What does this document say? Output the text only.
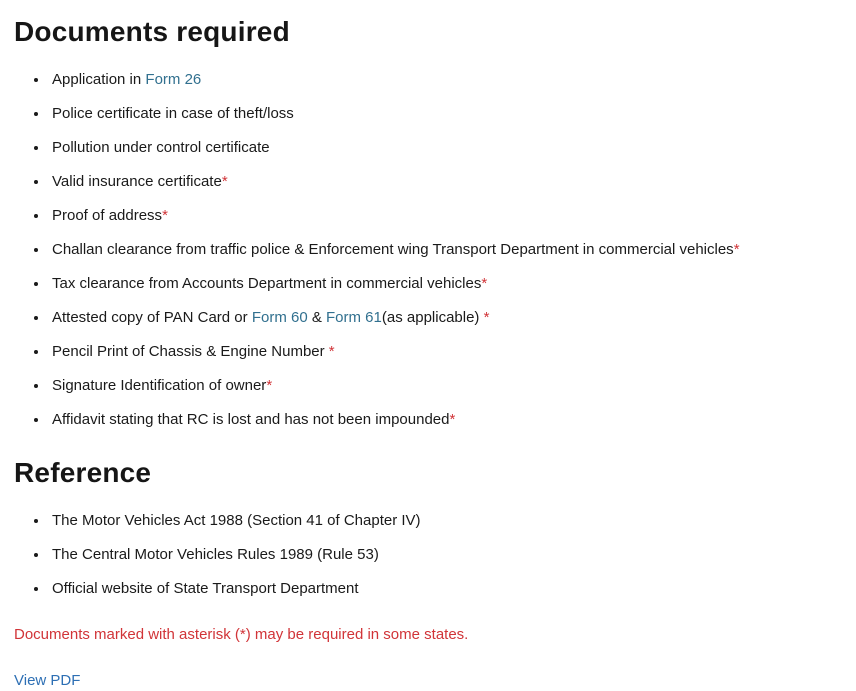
Documents required
• Application in Form 26
• Police certificate in case of theft/loss
• Pollution under control certificate
• Valid insurance certificate*
• Proof of address*
• Challan clearance from traffic police & Enforcement wing Transport Department in commercial vehicles*
• Tax clearance from Accounts Department in commercial vehicles*
• Attested copy of PAN Card or Form 60 & Form 61(as applicable) *
• Pencil Print of Chassis & Engine Number *
• Signature Identification of owner*
• Affidavit stating that RC is lost and has not been impounded*
Reference
• The Motor Vehicles Act 1988 (Section 41 of Chapter IV)
• The Central Motor Vehicles Rules 1989 (Rule 53)
• Official website of State Transport Department

Documents marked with asterisk (*) may be required in some states.

View PDF
